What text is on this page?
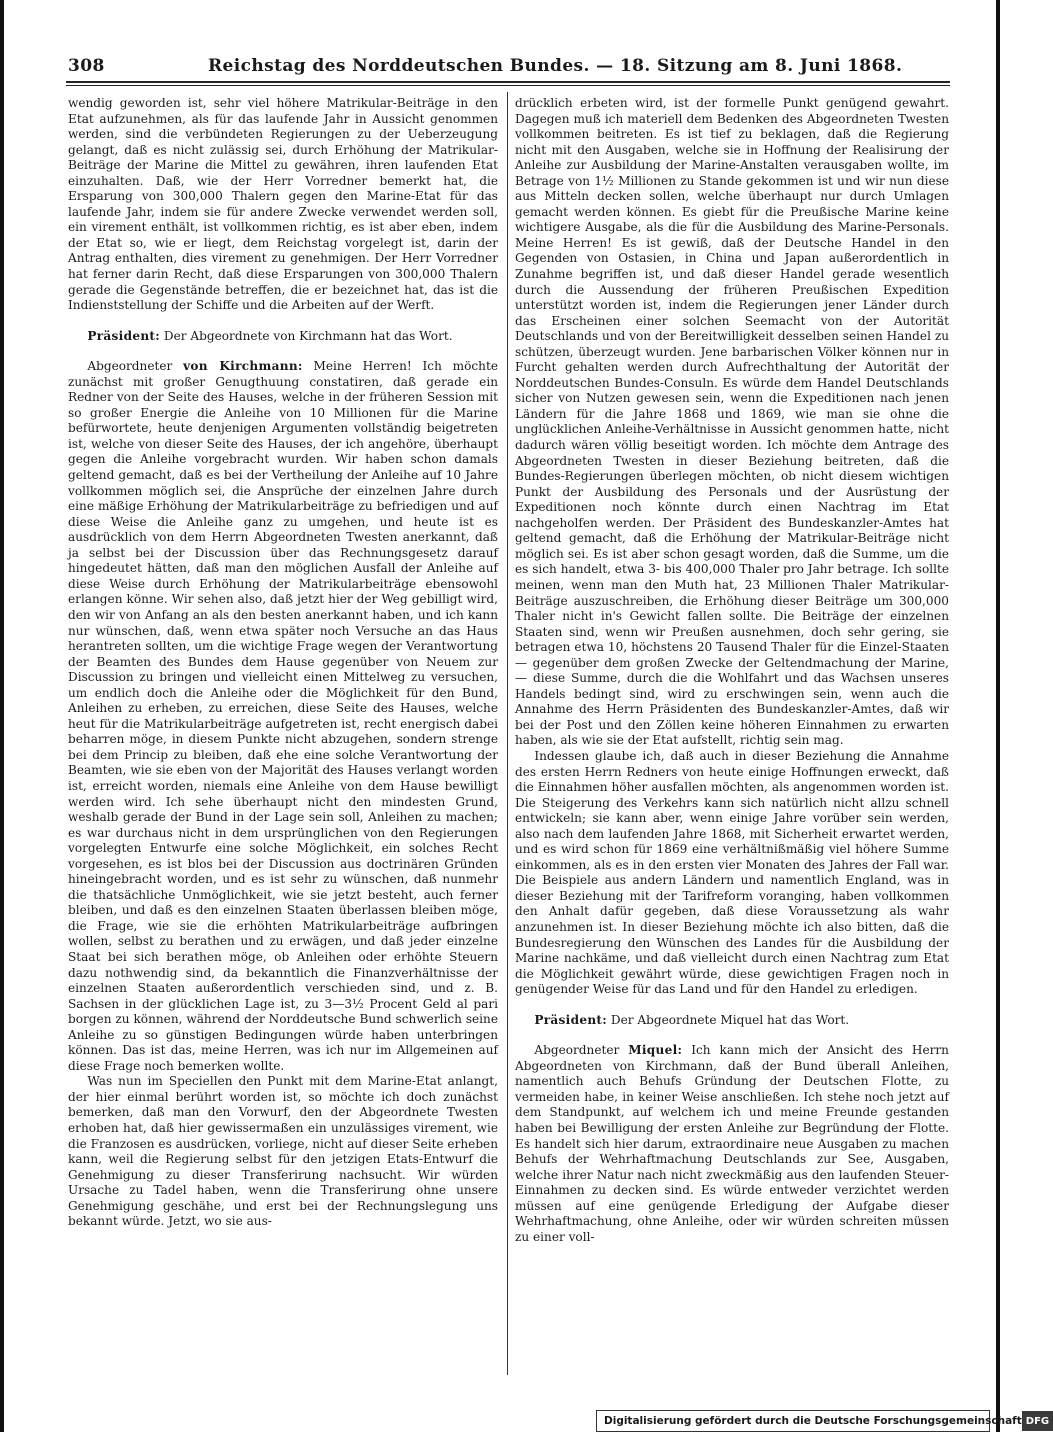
308	Reichstag des Norddeutschen Bundes. — 18. Sitzung am 8. Juni 1868.

wendig geworden ist, sehr viel höhere Matrikular-Beiträge in den Etat aufzunehmen, als für das laufende Jahr in Aussicht genommen werden, sind die verbündeten Regierungen zu der Ueberzeugung gelangt, daß es nicht zulässig sei, durch Erhöhung der Matrikular-Beiträge der Marine die Mittel zu gewähren, ihren laufenden Etat einzuhalten. Daß, wie der Herr Vorredner bemerkt hat, die Ersparung von 300,000 Thalern gegen den Marine-Etat für das laufende Jahr, indem sie für andere Zwecke verwendet werden soll, ein virement enthält, ist vollkommen richtig, es ist aber eben, indem der Etat so, wie er liegt, dem Reichstag vorgelegt ist, darin der Antrag enthalten, dies virement zu genehmigen. Der Herr Vorredner hat ferner darin Recht, daß diese Ersparungen von 300,000 Thalern gerade die Gegenstände betreffen, die er bezeichnet hat, das ist die Indienststellung der Schiffe und die Arbeiten auf der Werft.

Präsident: Der Abgeordnete von Kirchmann hat das Wort.

Abgeordneter von Kirchmann: Meine Herren! Ich möchte zunächst mit großer Genugthuung constatiren, daß gerade ein Redner von der Seite des Hauses, welche in der früheren Session mit so großer Energie die Anleihe von 10 Millionen für die Marine befürwortete, heute denjenigen Argumenten vollständig beigetreten ist, welche von dieser Seite des Hauses, der ich angehöre, überhaupt gegen die Anleihe vorgebracht wurden. Wir haben schon damals geltend gemacht, daß es bei der Vertheilung der Anleihe auf 10 Jahre vollkommen möglich sei, die Ansprüche der einzelnen Jahre durch eine mäßige Erhöhung der Matrikularbeiträge zu befriedigen und auf diese Weise die Anleihe ganz zu umgehen, und heute ist es ausdrücklich von dem Herrn Abgeordneten Twesten anerkannt, daß ja selbst bei der Discussion über das Rechnungsgesetz darauf hingedeutet hätten, daß man den möglichen Ausfall der Anleihe auf diese Weise durch Erhöhung der Matrikularbeiträge ebensowohl erlangen könne. Wir sehen also, daß jetzt hier der Weg gebilligt wird, den wir von Anfang an als den besten anerkannt haben, und ich kann nur wünschen, daß, wenn etwa später noch Versuche an das Haus herantreten sollten, um die wichtige Frage wegen der Verantwortung der Beamten des Bundes dem Hause gegenüber von Neuem zur Discussion zu bringen und vielleicht einen Mittelweg zu versuchen, um endlich doch die Anleihe oder die Möglichkeit für den Bund, Anleihen zu erheben, zu erreichen, diese Seite des Hauses, welche heut für die Matrikularbeiträge aufgetreten ist, recht energisch dabei beharren möge, in diesem Punkte nicht abzugehen, sondern strenge bei dem Princip zu bleiben, daß ehe eine solche Verantwortung der Beamten, wie sie eben von der Majorität des Hauses verlangt worden ist, erreicht worden, niemals eine Anleihe von dem Hause bewilligt werden wird. Ich sehe überhaupt nicht den mindesten Grund, weshalb gerade der Bund in der Lage sein soll, Anleihen zu machen; es war durchaus nicht in dem ursprünglichen von den Regierungen vorgelegten Entwurfe eine solche Möglichkeit, ein solches Recht vorgesehen, es ist blos bei der Discussion aus doctrinären Gründen hineingebracht worden, und es ist sehr zu wünschen, daß nunmehr die thatsächliche Unmöglichkeit, wie sie jetzt besteht, auch ferner bleiben, und daß es den einzelnen Staaten überlassen bleiben möge, die Frage, wie sie die erhöhten Matrikularbeiträge aufbringen wollen, selbst zu berathen und zu erwägen, und daß jeder einzelne Staat bei sich berathen möge, ob Anleihen oder erhöhte Steuern dazu nothwendig sind, da bekanntlich die Finanzverhältnisse der einzelnen Staaten außerordentlich verschieden sind, und z. B. Sachsen in der glücklichen Lage ist, zu 3—3½ Procent Geld al pari borgen zu können, während der Norddeutsche Bund schwerlich seine Anleihe zu so günstigen Bedingungen würde haben unterbringen können. Das ist das, meine Herren, was ich nur im Allgemeinen auf diese Frage noch bemerken wollte.

Was nun im Speciellen den Punkt mit dem Marine-Etat anlangt, der hier einmal berührt worden ist, so möchte ich doch zunächst bemerken, daß man den Vorwurf, den der Abgeordnete Twesten erhoben hat, daß hier gewissermaßen ein unzulässiges virement, wie die Franzosen es ausdrücken, vorliege, nicht auf dieser Seite erheben kann, weil die Regierung selbst für den jetzigen Etats-Entwurf die Genehmigung zu dieser Transferirung nachsucht. Wir würden Ursache zu Tadel haben, wenn die Transferirung ohne unsere Genehmigung geschähe, und erst bei der Rechnungslegung uns bekannt würde. Jetzt, wo sie aus-

drücklich erbeten wird, ist der formelle Punkt genügend gewahrt. Dagegen muß ich materiell dem Bedenken des Abgeordneten Twesten vollkommen beitreten. Es ist tief zu beklagen, daß die Regierung nicht mit den Ausgaben, welche sie in Hoffnung der Realisirung der Anleihe zur Ausbildung der Marine-Anstalten verausgaben wollte, im Betrage von 1½ Millionen zu Stande gekommen ist und wir nun diese aus Mitteln decken sollen, welche überhaupt nur durch Umlagen gemacht werden können. Es giebt für die Preußische Marine keine wichtigere Ausgabe, als die für die Ausbildung des Marine-Personals. Meine Herren! Es ist gewiß, daß der Deutsche Handel in den Gegenden von Ostasien, in China und Japan außerordentlich in Zunahme begriffen ist, und daß dieser Handel gerade wesentlich durch die Aussendung der früheren Preußischen Expedition unterstützt worden ist, indem die Regierungen jener Länder durch das Erscheinen einer solchen Seemacht von der Autorität Deutschlands und von der Bereitwilligkeit desselben seinen Handel zu schützen, überzeugt wurden. Jene barbarischen Völker können nur in Furcht gehalten werden durch Aufrechthaltung der Autorität der Norddeutschen Bundes-Consuln. Es würde dem Handel Deutschlands sicher von Nutzen gewesen sein, wenn die Expeditionen nach jenen Ländern für die Jahre 1868 und 1869, wie man sie ohne die unglücklichen Anleihe-Verhältnisse in Aussicht genommen hatte, nicht dadurch wären völlig beseitigt worden. Ich möchte dem Antrage des Abgeordneten Twesten in dieser Beziehung beitreten, daß die Bundes-Regierungen überlegen möchten, ob nicht diesem wichtigen Punkt der Ausbildung des Personals und der Ausrüstung der Expeditionen noch könnte durch einen Nachtrag im Etat nachgeholfen werden. Der Präsident des Bundeskanzler-Amtes hat geltend gemacht, daß die Erhöhung der Matrikular-Beiträge nicht möglich sei. Es ist aber schon gesagt worden, daß die Summe, um die es sich handelt, etwa 3- bis 400,000 Thaler pro Jahr betrage. Ich sollte meinen, wenn man den Muth hat, 23 Millionen Thaler Matrikular-Beiträge auszuschreiben, die Erhöhung dieser Beiträge um 300,000 Thaler nicht in's Gewicht fallen sollte. Die Beiträge der einzelnen Staaten sind, wenn wir Preußen ausnehmen, doch sehr gering, sie betragen etwa 10, höchstens 20 Tausend Thaler für die Einzel-Staaten — gegenüber dem großen Zwecke der Geltendmachung der Marine, — diese Summe, durch die die Wohlfahrt und das Wachsen unseres Handels bedingt sind, wird zu erschwingen sein, wenn auch die Annahme des Herrn Präsidenten des Bundeskanzler-Amtes, daß wir bei der Post und den Zöllen keine höheren Einnahmen zu erwarten haben, als wie sie der Etat aufstellt, richtig sein mag.

Indessen glaube ich, daß auch in dieser Beziehung die Annahme des ersten Herrn Redners von heute einige Hoffnungen erweckt, daß die Einnahmen höher ausfallen möchten, als angenommen worden ist. Die Steigerung des Verkehrs kann sich natürlich nicht allzu schnell entwickeln; sie kann aber, wenn einige Jahre vorüber sein werden, also nach dem laufenden Jahre 1868, mit Sicherheit erwartet werden, und es wird schon für 1869 eine verhältnißmäßig viel höhere Summe einkommen, als es in den ersten vier Monaten des Jahres der Fall war. Die Beispiele aus andern Ländern und namentlich England, was in dieser Beziehung mit der Tarifreform voranging, haben vollkommen den Anhalt dafür gegeben, daß diese Voraussetzung als wahr anzunehmen ist. In dieser Beziehung möchte ich also bitten, daß die Bundesregierung den Wünschen des Landes für die Ausbildung der Marine nachkäme, und daß vielleicht durch einen Nachtrag zum Etat die Möglichkeit gewährt würde, diese gewichtigen Fragen noch in genügender Weise für das Land und für den Handel zu erledigen.

Präsident: Der Abgeordnete Miquel hat das Wort.

Abgeordneter Miquel: Ich kann mich der Ansicht des Herrn Abgeordneten von Kirchmann, daß der Bund überall Anleihen, namentlich auch Behufs Gründung der Deutschen Flotte, zu vermeiden habe, in keiner Weise anschließen. Ich stehe noch jetzt auf dem Standpunkt, auf welchem ich und meine Freunde gestanden haben bei Bewilligung der ersten Anleihe zur Begründung der Flotte. Es handelt sich hier darum, extraordinaire neue Ausgaben zu machen Behufs der Wehrhaftmachung Deutschlands zur See, Ausgaben, welche ihrer Natur nach nicht zweckmäßig aus den laufenden Steuer-Einnahmen zu decken sind. Es würde entweder verzichtet werden müssen auf eine genügende Erledigung der Aufgabe dieser Wehrhaftmachung, ohne Anleihe, oder wir würden schreiten müssen zu einer voll-

Digitalisierung gefördert durch die Deutsche Forschungsgemeinschaft DFG
